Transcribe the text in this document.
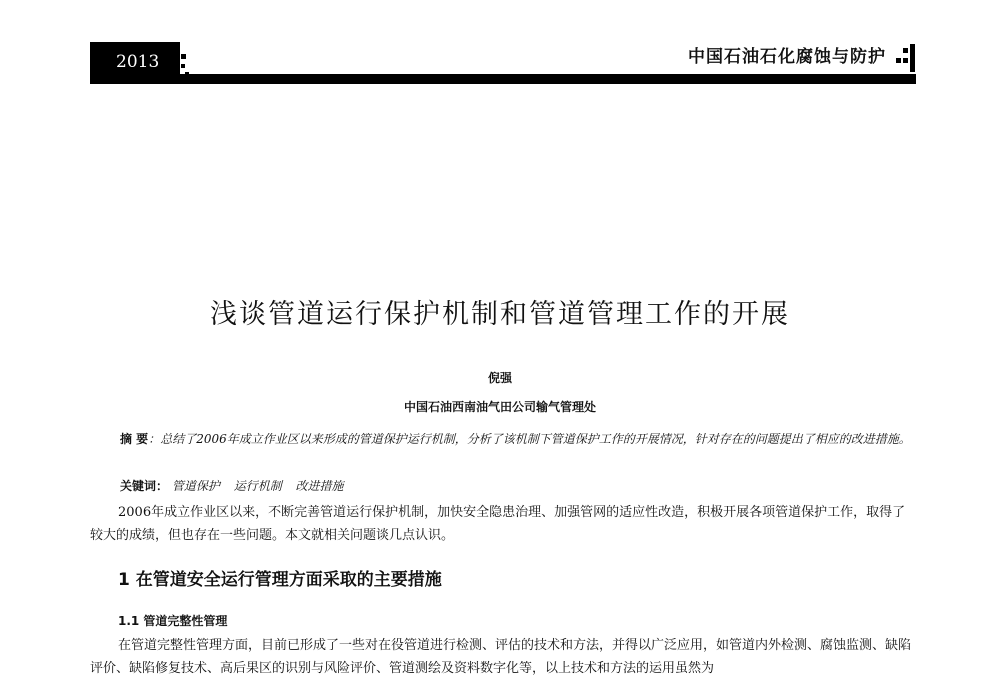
2013	中国石油石化腐蚀与防护
浅谈管道运行保护机制和管道管理工作的开展
倪强
中国石油西南油气田公司输气管理处
摘 要：总结了2006年成立作业区以来形成的管道保护运行机制，分析了该机制下管道保护工作的开展情况，针对存在的问题提出了相应的改进措施。
关键词： 管道保护 运行机制 改进措施
2006年成立作业区以来，不断完善管道运行保护机制，加快安全隐患治理、加强管网的适应性改造，积极开展各项管道保护工作，取得了较大的成绩，但也存在一些问题。本文就相关问题谈几点认识。
1 在管道安全运行管理方面采取的主要措施
1.1 管道完整性管理
在管道完整性管理方面，目前已形成了一些对在役管道进行检测、评估的技术和方法，并得以广泛应用，如管道内外检测、腐蚀监测、缺陷评价、缺陷修复技术、高后果区的识别与风险评价、管道测绘及资料数字化等，以上技术和方法的运用虽然为
